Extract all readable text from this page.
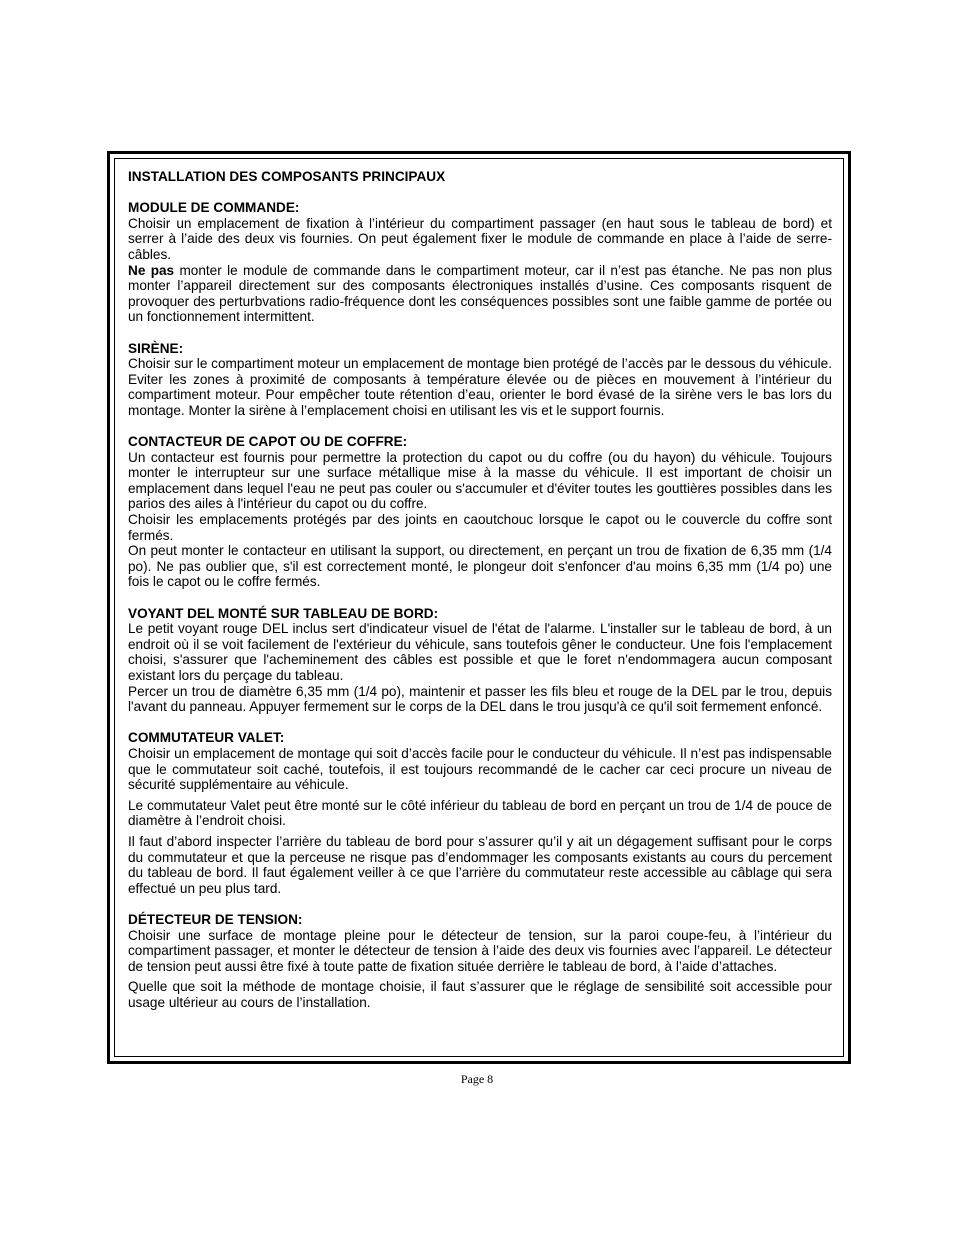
INSTALLATION DES COMPOSANTS PRINCIPAUX

MODULE DE COMMANDE:

Choisir un emplacement de fixation à l’intérieur du compartiment passager (en haut sous le tableau de bord) et serrer à l’aide des deux vis fournies. On peut également fixer le module de commande en place à l’aide de serre-câbles.

Ne pas monter le module de commande dans le compartiment moteur, car il n’est pas étanche. Ne pas non plus monter l’appareil directement sur des composants électroniques installés d’usine. Ces composants risquent de provoquer des perturbvations radio-fréquence dont les conséquences possibles sont une faible gamme de portée ou un fonctionnement intermittent.

SIRÈNE:

Choisir sur le compartiment moteur un emplacement de montage bien protégé de l’accès par le dessous du véhicule. Eviter les zones à proximité de composants à température élevée ou de pièces en mouvement à l’intérieur du compartiment moteur. Pour empêcher toute rétention d’eau, orienter le bord évasé de la sirène vers le bas lors du montage. Monter la sirène à l’emplacement choisi en utilisant les vis et le support fournis.

CONTACTEUR DE CAPOT OU DE COFFRE:

Un contacteur est fournis pour permettre la protection du capot ou du coffre (ou du hayon) du véhicule. Toujours monter le interrupteur sur une surface métallique mise à la masse du véhicule. Il est important de choisir un emplacement dans lequel l'eau ne peut pas couler ou s'accumuler et d'éviter toutes les gouttières possibles dans les parios des ailes à l'intérieur du capot ou du coffre.

Choisir les emplacements protégés par des joints en caoutchouc lorsque le capot ou le couvercle du coffre sont fermés.

On peut monter le contacteur en utilisant la support, ou directement, en perçant un trou de fixation de 6,35 mm (1/4 po). Ne pas oublier que, s'il est correctement monté, le plongeur doit s'enfoncer d'au moins 6,35 mm (1/4 po) une fois le capot ou le coffre fermés.

VOYANT DEL MONTÉ SUR TABLEAU DE BORD:

Le petit voyant rouge DEL inclus sert d'indicateur visuel de l'état de l'alarme. L'installer sur le tableau de bord, à un endroit où il se voit facilement de l'extérieur du véhicule, sans toutefois gêner le conducteur. Une fois l'emplacement choisi, s'assurer que l'acheminement des câbles est possible et que le foret n'endommagera aucun composant existant lors du perçage du tableau.

Percer un trou de diamètre 6,35 mm (1/4 po), maintenir et passer les fils bleu et rouge de la DEL par le trou, depuis l'avant du panneau. Appuyer fermement sur le corps de la DEL dans le trou jusqu'à ce qu'il soit fermement enfoncé.

COMMUTATEUR VALET:

Choisir un emplacement de montage qui soit d’accès facile pour le conducteur du véhicule. Il n’est pas indispensable que le commutateur soit caché, toutefois, il est toujours recommandé de le cacher car ceci procure un niveau de sécurité supplémentaire au véhicule.

Le commutateur Valet peut être monté sur le côté inférieur du tableau de bord en perçant un trou de 1/4 de pouce de diamètre à l’endroit choisi.

Il faut d’abord inspecter l’arrière du tableau de bord pour s’assurer qu’il y ait un dégagement suffisant pour le corps du commutateur et que la perceuse ne risque pas d’endommager les composants existants au cours du percement du tableau de bord. Il faut également veiller à ce que l’arrière du commutateur reste accessible au câblage qui sera effectué un peu plus tard.

DÉTECTEUR DE TENSION:

Choisir une surface de montage pleine pour le détecteur de tension, sur la paroi coupe-feu, à l’intérieur du compartiment passager, et monter le détecteur de tension à l’aide des deux vis fournies avec l’appareil. Le détecteur de tension peut aussi être fixé à toute patte de fixation située derrière le tableau de bord, à l’aide d’attaches.

Quelle que soit la méthode de montage choisie, il faut s’assurer que le réglage de sensibilité soit accessible pour usage ultérieur au cours de l’installation.

Page 8
